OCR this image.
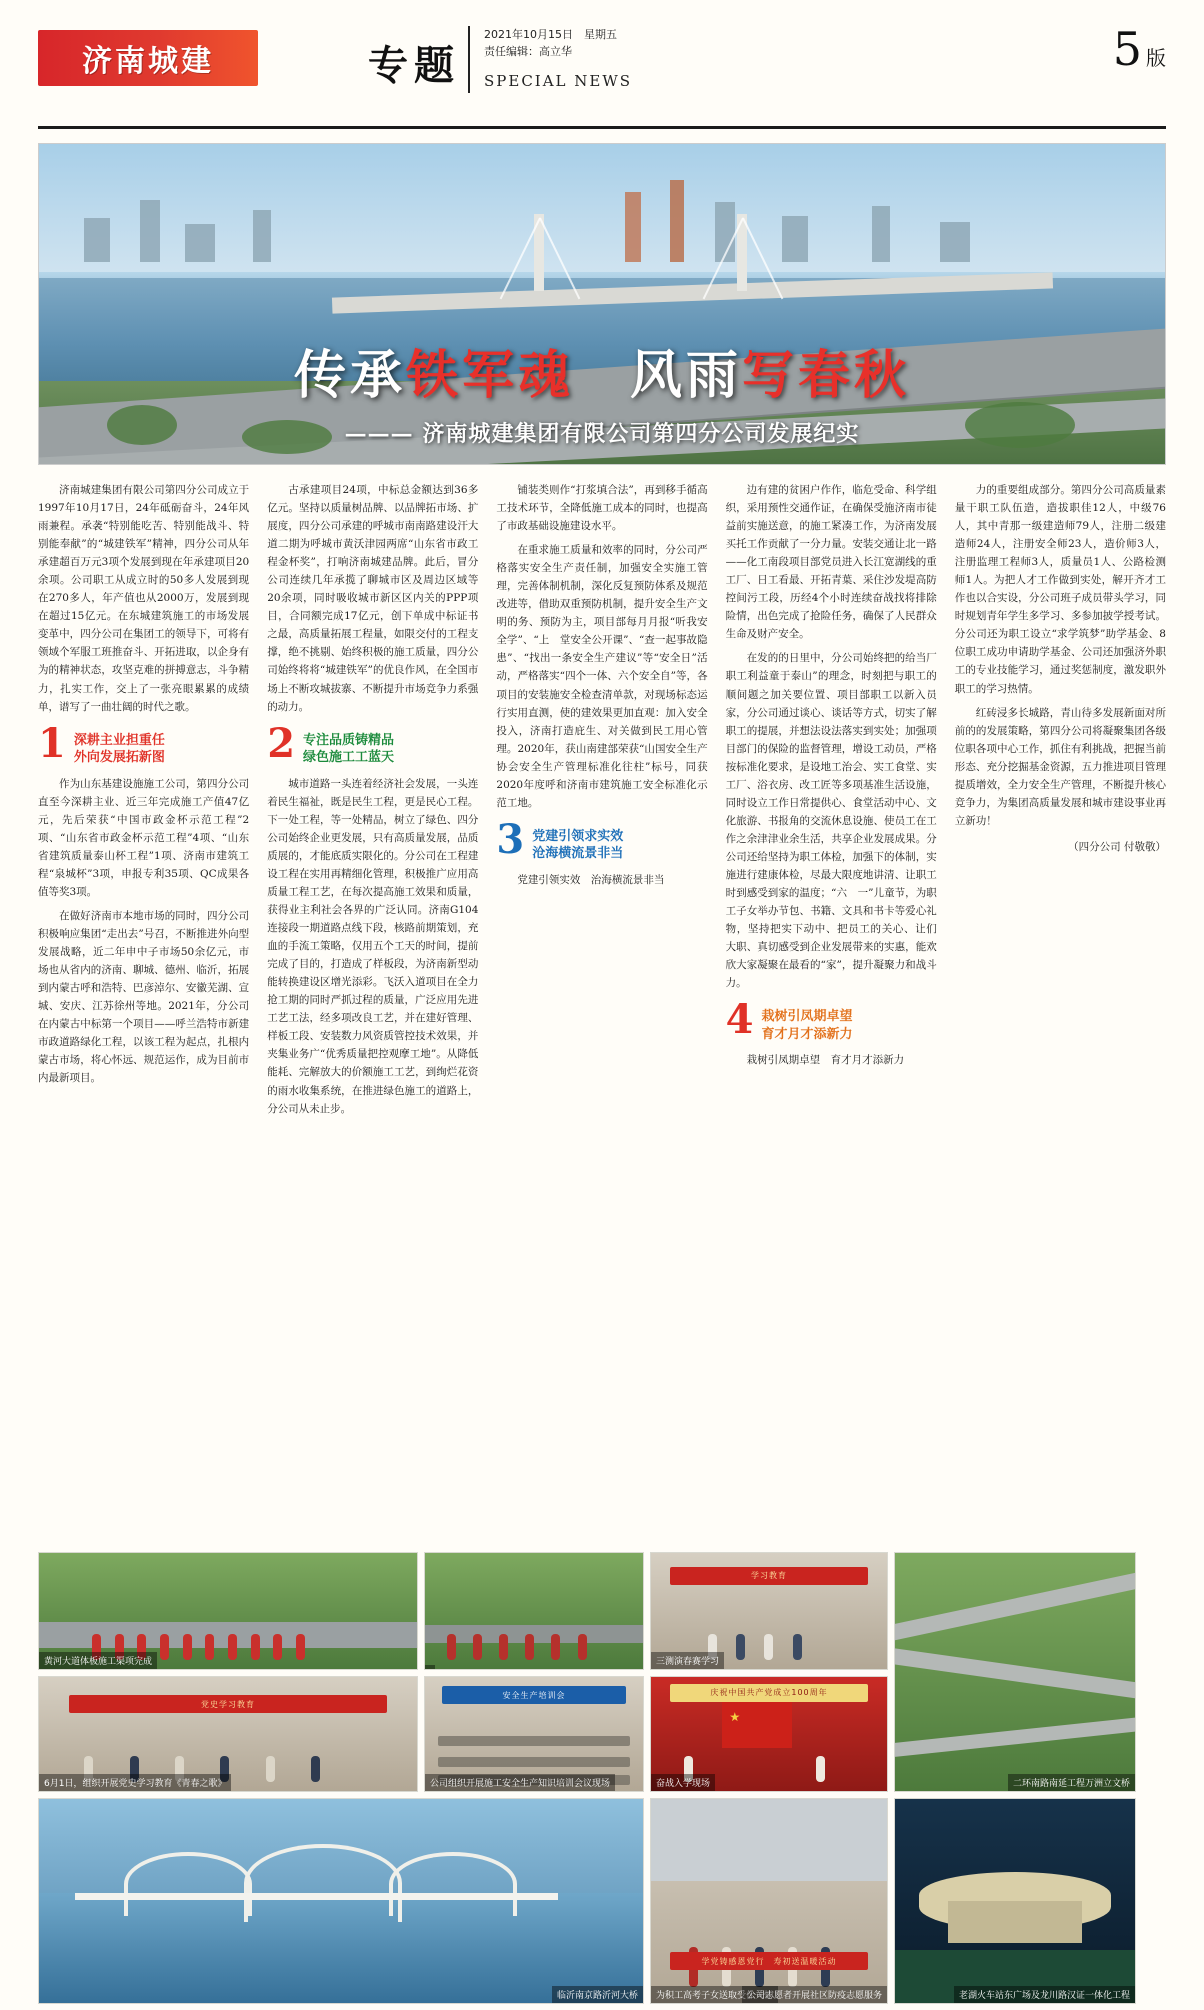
济南城建	专题
2021年10月15日　星期五
责任编辑：高立华
SPECIAL NEWS
5 版
传承铁军魂　风雨写春秋
——— 济南城建集团有限公司第四分公司发展纪实

济南城建集团有限公司第四分公司成立于1997年10月17日，24年砥砺奋斗，24年风雨兼程。承袭“特别能吃苦、特别能战斗、特别能奉献”的“城建铁军”精神，四分公司从年承建超百万元3项个发展到现在年承建项目20余项。公司职工从成立时的50多人发展到现在270多人，年产值也从2000万，发展到现在超过15亿元。在东城建筑施工的市场发展变革中，四分公司在集团工的领导下，可将有领域个军服工班推奋斗、开拓进取，以企身有为的精神状态，攻坚克难的拼搏意志，斗争精力，扎实工作，交上了一张亮眼累累的成绩单，谱写了一曲壮阔的时代之歌。

1 深耕主业担重任
外向发展拓新图

作为山东基建设施施工公司，第四分公司　直至今深耕主业、近三年完成施工产值47亿元，先后荣获“中国市政金杯示范工程”2项、“山东省市政金杯示范工程”4项、“山东省建筑质量泰山杯工程”1项、济南市建筑工程“泉城杯”3项，申报专利35项、QC成果各值等奖3项。

在做好济南市本地市场的同时，四分公司积极响应集团“走出去”号召，不断推进外向型发展战略，近二年申中子市场50余亿元，市场也从省内的济南、聊城、德州、临沂，拓展到内蒙古呼和浩特、巴彦淖尔、安徽芜湖、宣城、安庆、江苏徐州等地。2021年，分公司在内蒙古中标第一个项目——呼兰浩特市新建市政道路绿化工程，以该工程为起点，扎根内蒙古市场，将心怀远、规范运作，成为目前市内最新项目。

古承建项目24项，中标总金额达到36多亿元。坚持以质量树品牌、以品牌拓市场、扩展度，四分公司承建的呼城市南南路建设汗大道二期为呼城市黄沃津园两席“山东省市政工程金杯奖”，打响济南城建品牌。此后，冒分公司连续几年承揽了聊城市区及周边区域等20余项，同时吸收城市新区区内关的PPP项目，合同额完成17亿元，创下单成中标证书之最，高质量拓展工程量，如限交付的工程支撑，绝不挑剔、始终积极的施工质量，四分公司始终将将“城建铁军”的优良作风，在全国市场上不断攻城拔寨、不断提升市场竞争力系强的动力。

2 专注品质铸精品
绿色施工工蓝天

城市道路一头连着经济社会发展，一头连着民生福祉，既是民生工程，更是民心工程。下一处工程，等一处精品，树立了绿色、四分公司始终企业更发展，只有高质量发展，品质质展的，才能底质实限化的。分公司在工程建设工程在实用再精细化管理，积极推广应用高质量工程工艺，在每次提高施工效果和质量，获得业主利社会各界的广泛认同。济南G104连接段一期道路点线下段，核路前期策划，充血的手流工策略，仅用五个工天的时间，提前完成了目的，打造成了样板段，为济南新型动能转换建设区增光添彩。飞沃入道项目在全力抢工期的同时严抓过程的质量，广泛应用先进工艺工法，经多项改良工艺，并在建好管理、样板工段、安装数力风资质管控技术效果，并夹集业务广“优秀质量把控观摩工地”。从降低能耗、完解放大的价额施工工艺，到绚烂花资的雨水收集系统，在推进绿色施工的道路上，分公司从未止步。

铺装类则作“打浆填合法”，再到移手循高工技术环节，全降低施工成本的同时，也提高了市政基础设施建设水平。

在重求施工质量和效率的同时，分公司严格落实安全生产责任制，加强安全实施工管理，完善体制机制，深化反复预防体系及规范改进等，借助双重预防机制，提升安全生产文明的务、预防为主，项目部每月月报“听我安全学”、“上　堂安全公开课”、“查一起事故隐患”、“找出一条安全生产建议”等“安全日”活动，严格落实“四个一体、六个安全自”等，各项目的安装施安全检查清单款，对现场标态运行实用直测，使的建效果更加直观：加入安全投入，济南打造庇生、对关做到民工用心管理。2020年，获山南建部荣获“山国安全生产协会安全生产管理标准化往柱”标号，同获2020年度呼和济南市建筑施工安全标准化示范工地。

3 党建引领求实效
沧海横流景非当

党建引领实效　治海横流景非当

边有建的贫困户作作，临危受命、科学组织，采用预性交通作证，在确保受施济南市徒益前实施送意，的施工紧凑工作，为济南发展买托工作贡献了一分力量。安装交通让北一路——化工南段项目部党员进入长江宽湖线的重工厂、日工看最、开拓青葉、采住沙发堤高防控间污工段，历经4个小时连续奋战找将排除险情，出色完成了抢险任务，确保了人民群众生命及财产安全。

在发的的日里中，分公司始终把的给当厂职工利益童于泰山”的理念，时刻把与职工的顺间题之加关要位置、项目部职工以新入员家，分公司通过谈心、谈话等方式，切实了解职工的提展，并想法设法落实到实处；加强项目部门的保险的监督管理，增设工动员，严格按标准化要求，是设地工治会、实工食堂、实工厂、浴衣房、改工匠等多项基准生活设施，同时设立工作日常提供心、食堂活动中心、文化旅游、书报角的交流休息设施、使员工在工作之余津津业余生活，共享企业发展成果。分公司还给坚持为职工体检，加强下的体制，实施进行建康体检，尽最大限度地讲清、让职工时到感受到家的温度；“六　一”儿童节，为职工子女举办节包、书籍、文具和书卡等爱心礼物，坚持把实下动中、把员工的关心、让们　大职、真切感受到企业发展带来的实惠，能欢欣大家凝聚在最看的“家”，提升凝聚力和战斗力。

4 栽树引凤期卓望
育才月才添新力

栽树引凤期卓望　育才月才添新力

力的重要组成部分。第四分公司高质量素量干职工队伍造，造拔职佳12人，中级76人，其中青那一级建造师79人，注册二级建造师24人，注册安全师23人，造价师3人，注册监理工程师3人，质量员1人、公路检测师1人。为把人才工作做到实处，解开齐才工作也以合实设，分公司班子成员带头学习，同时规划青年学生多学习、多参加披学授考试。分公司还为职工设立“求学筑梦”助学基金、8位职工成功申请助学基金、公司还加强济外职工的专业技能学习，通过奖惩制度，激发职外职工的学习热情。

红砖浸多长城路，青山待多发展新面对所前的的发展策略，第四分公司将凝聚集团各级位职各项中心工作，抓住有利挑战，把握当前形态、充分挖掘基金资源，五力推进项目管理提质增效，全力安全生产管理，不断提升核心竞争力，为集团高质量发展和城市建设事业再立新功！

（四分公司 付敬敬）
黄河大道体板施工渠项完成
学习教育
三测演春赛学习
二环南路南延工程万洲立文桥
党史学习教育
6月1日，组织开展党史学习教育《青春之歌》
安全生产培训会
公司组织开展施工安全生产知识培训会议现场
庆祝中国共产党成立100周年
奋战入学现场
临沂南京路沂河大桥
学党铸感恩党行　寿初送温暖活动
为积工高考子女送取受什关怀
公司志愿者开展社区防疫志愿服务	老湖火车站东广场及龙川路汉证一体化工程
